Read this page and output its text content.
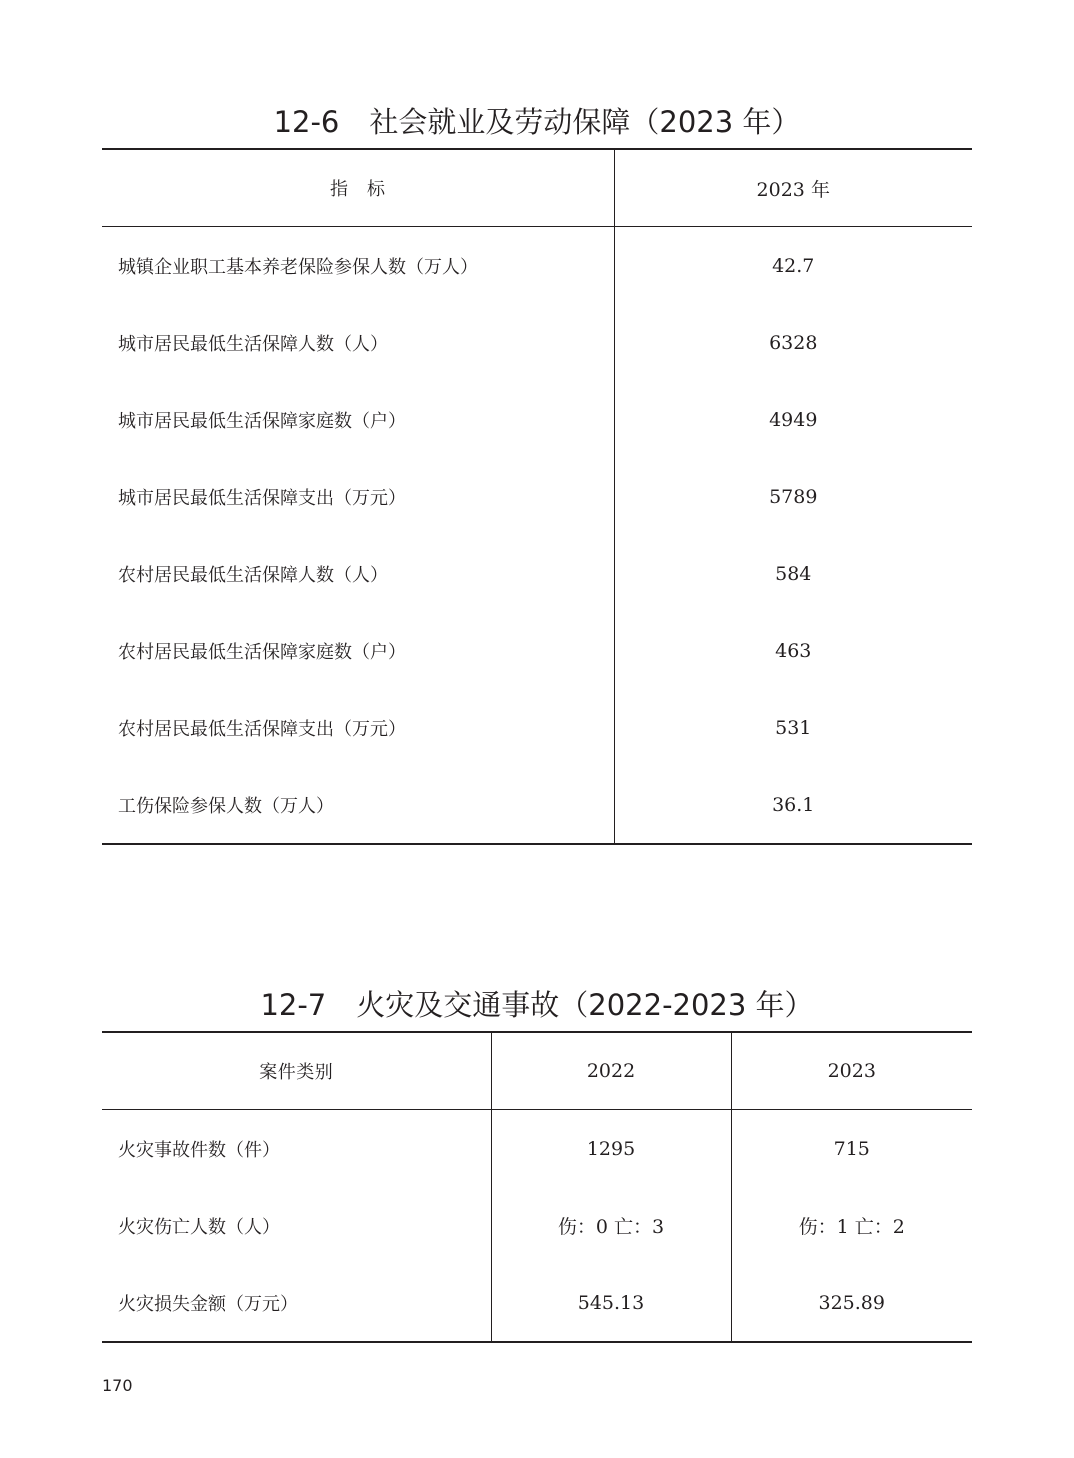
12-6 社会就业及劳动保障（2023 年）
指　标	2023 年
城镇企业职工基本养老保险参保人数（万人）	42.7
城市居民最低生活保障人数（人）	6328
城市居民最低生活保障家庭数（户）	4949
城市居民最低生活保障支出（万元）	5789
农村居民最低生活保障人数（人）	584
农村居民最低生活保障家庭数（户）	463
农村居民最低生活保障支出（万元）	531
工伤保险参保人数（万人）	36.1
12-7 火灾及交通事故（2022-2023 年）
案件类别	2022	2023
火灾事故件数（件）	1295	715
火灾伤亡人数（人）	伤：0 亡：3	伤：1 亡：2
火灾损失金额（万元）	545.13	325.89
170
